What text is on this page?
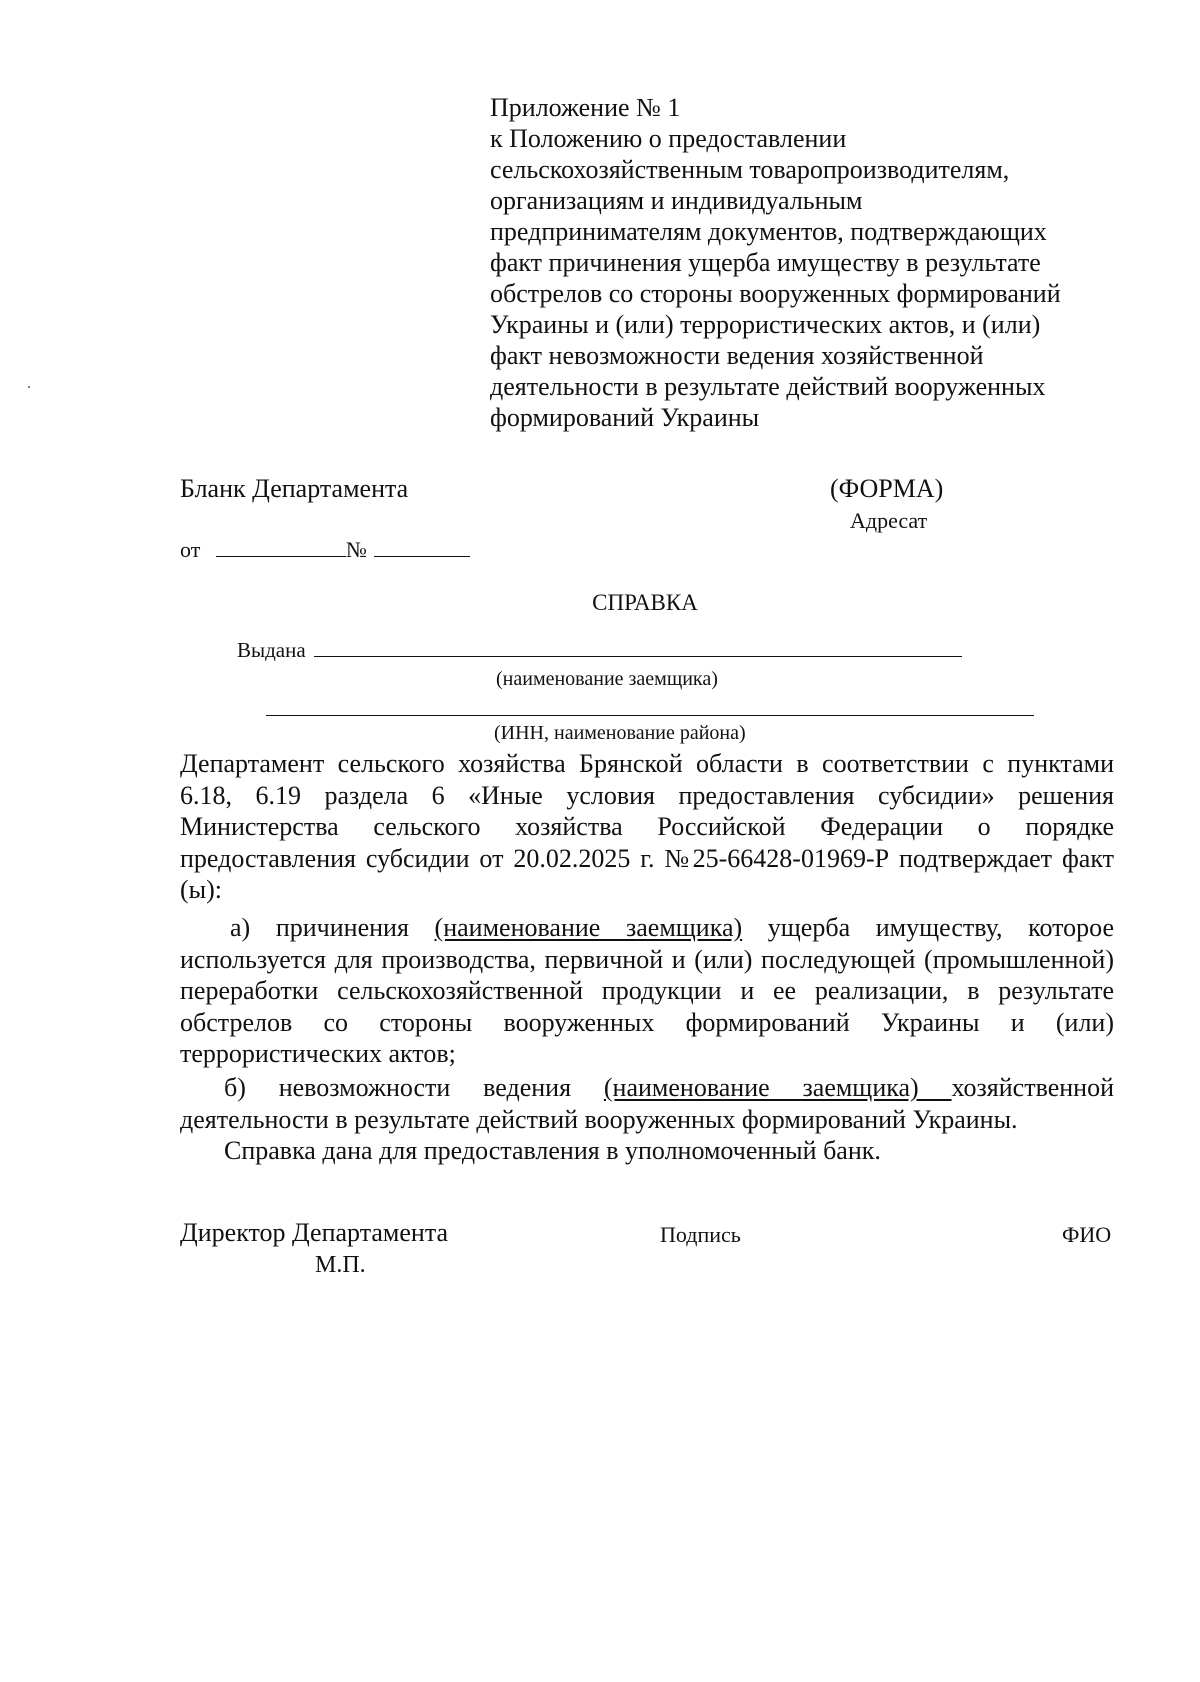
Приложение № 1
к Положению о предоставлении
сельскохозяйственным товаропроизводителям,
организациям и индивидуальным
предпринимателям документов, подтверждающих
факт причинения ущерба имуществу в результате
обстрелов со стороны вооруженных формирований
Украины и (или) террористических актов, и (или)
факт невозможности ведения хозяйственной
деятельности в результате действий вооруженных
формирований Украины
Бланк Департамента	(ФОРМА)
Адресат
от	№
СПРАВКА
Выдана
(наименование заемщика)
(ИНН, наименование района)
Департамент сельского хозяйства Брянской области в соответствии с пунктами 6.18, 6.19 раздела 6 «Иные условия предоставления субсидии» решения Министерства сельского хозяйства Российской Федерации о порядке предоставления субсидии от 20.02.2025 г. №25-66428-01969-Р подтверждает факт (ы):
а) причинения (наименование заемщика) ущерба имуществу, которое используется для производства, первичной и (или) последующей (промышленной) переработки сельскохозяйственной продукции и ее реализации, в результате обстрелов со стороны вооруженных формирований Украины и (или) террористических актов;
б) невозможности ведения (наименование заемщика) хозяйственной деятельности в результате действий вооруженных формирований Украины.
Справка дана для предоставления в уполномоченный банк.
Директор Департамента
М.П.
Подпись	ФИО
